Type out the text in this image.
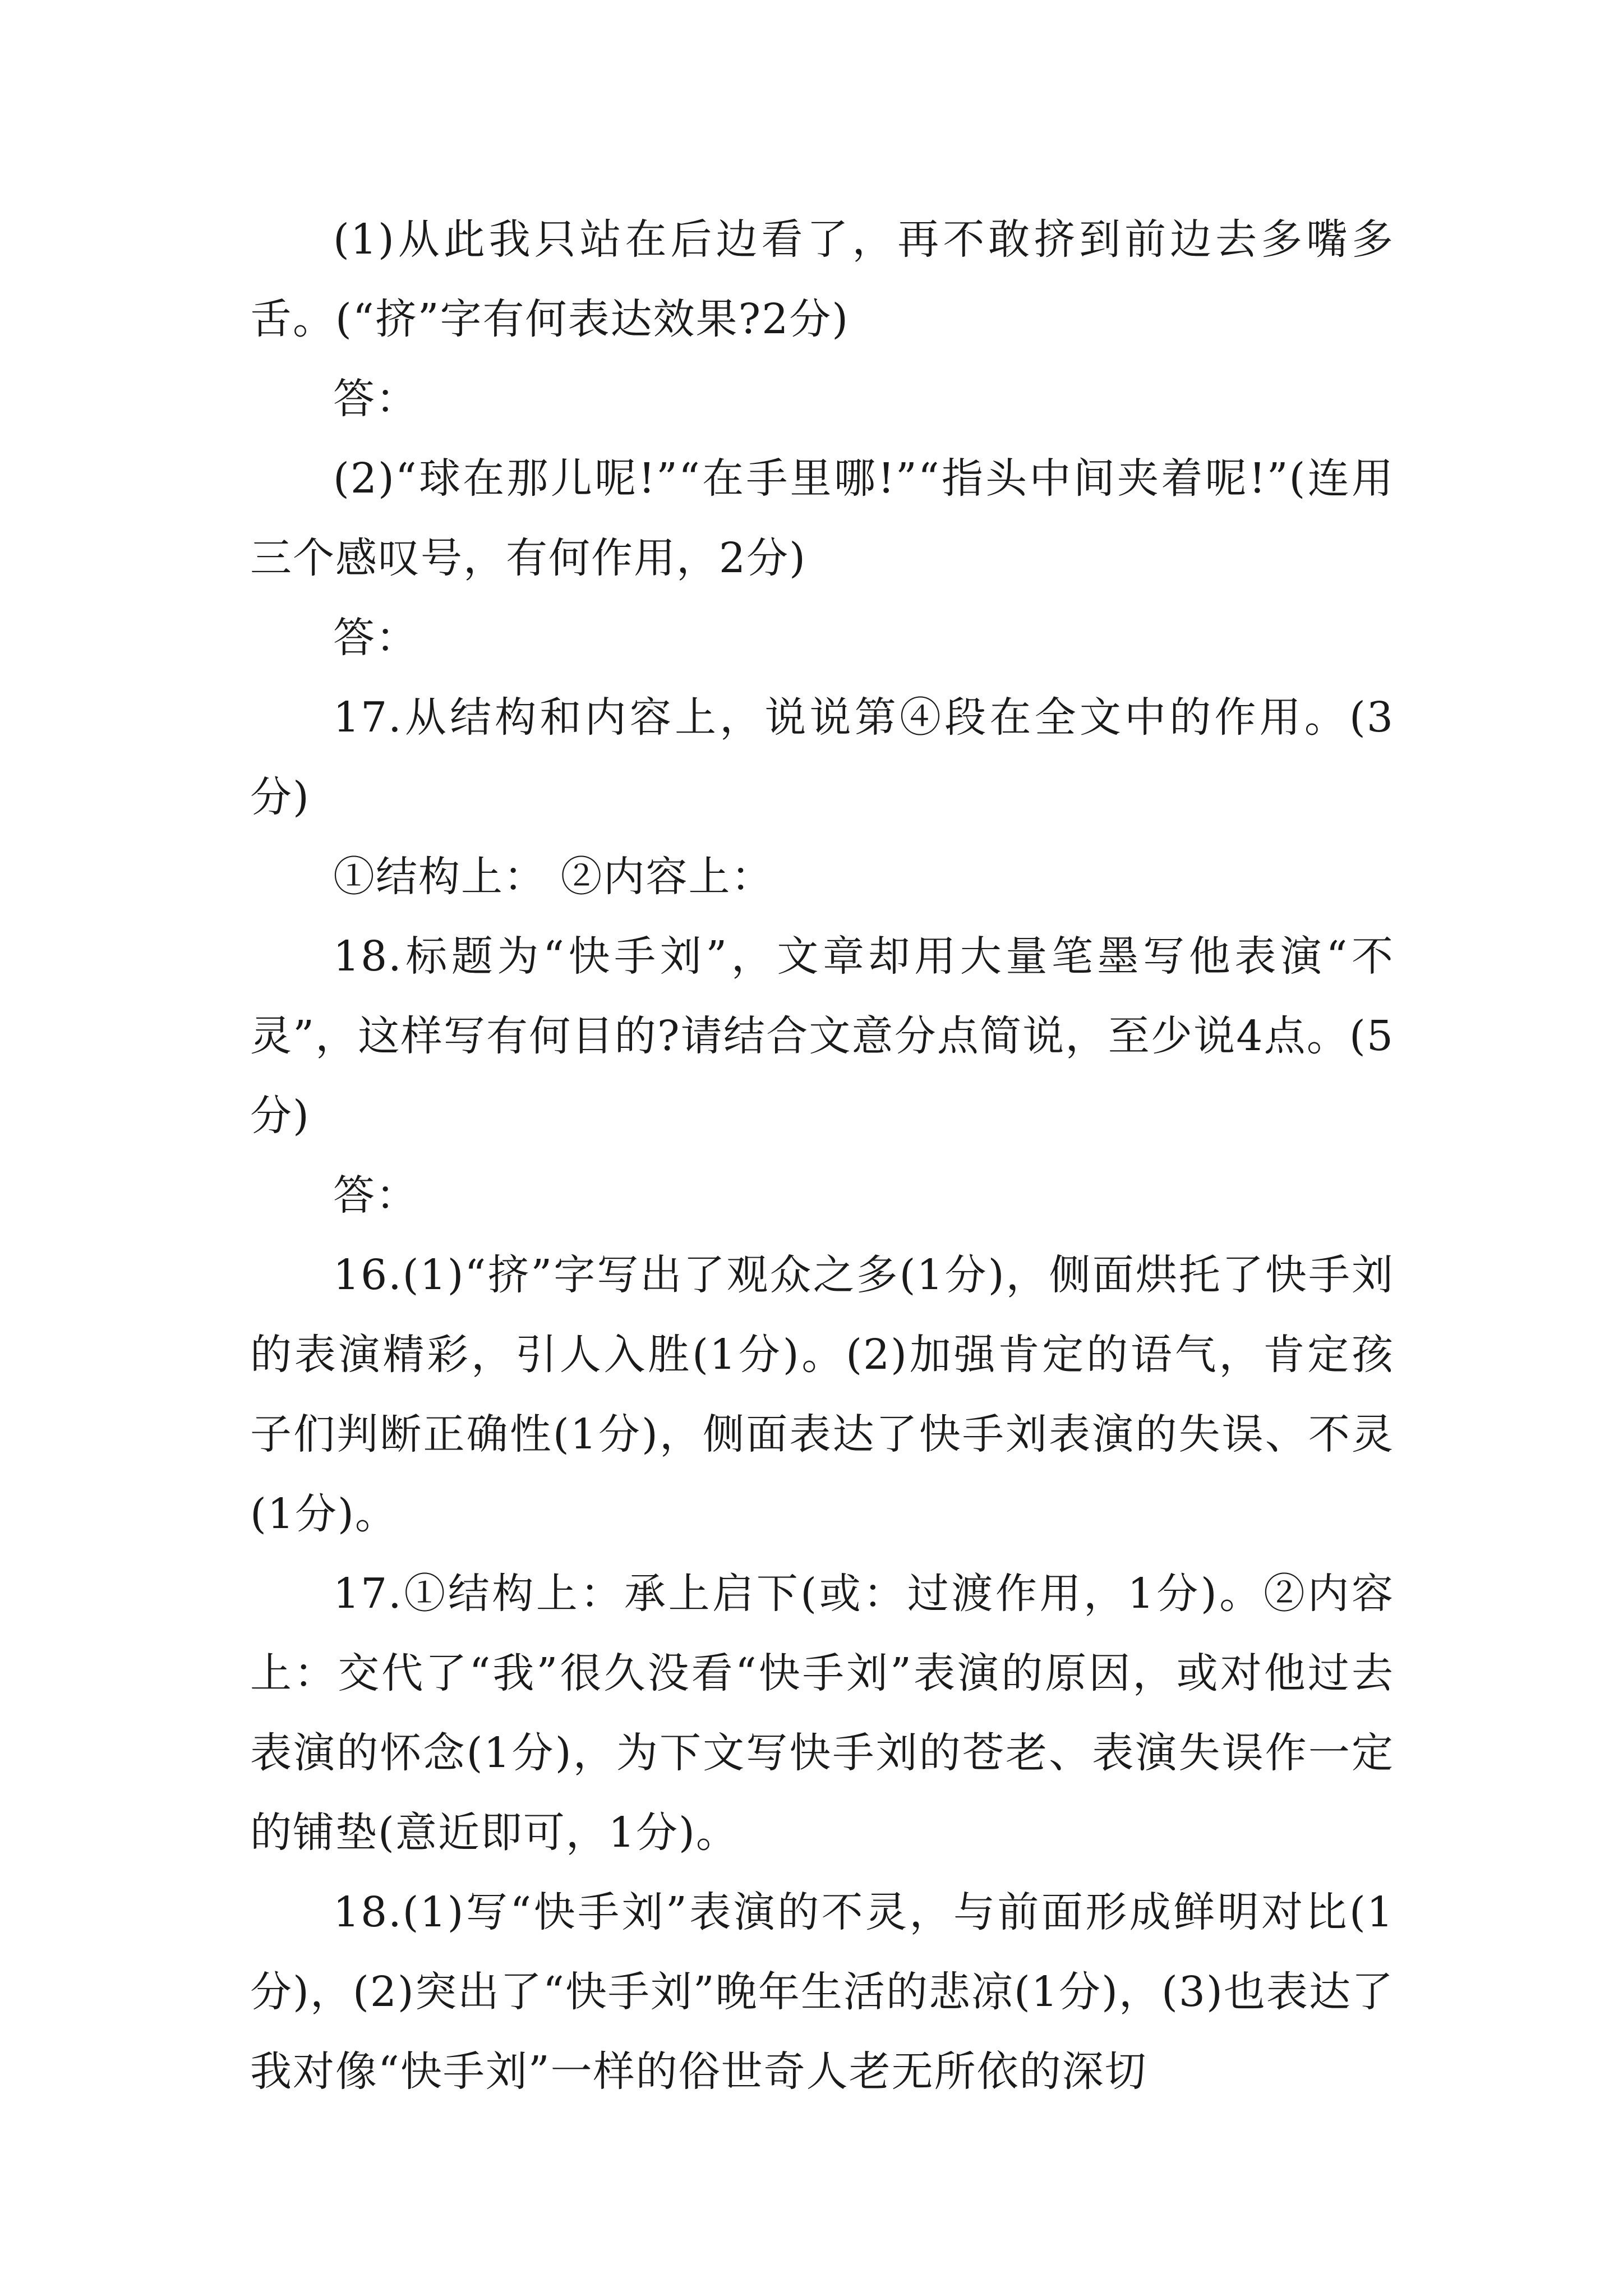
(1)从此我只站在后边看了，再不敢挤到前边去多嘴多舌。(“挤”字有何表达效果?2分)

答：

(2)“球在那儿呢!”“在手里哪!”“指头中间夹着呢!”(连用三个感叹号，有何作用，2分)

答：

17.从结构和内容上，说说第④段在全文中的作用。(3分)

①结构上： ②内容上：

18.标题为“快手刘”，文章却用大量笔墨写他表演“不灵”，这样写有何目的?请结合文意分点简说，至少说4点。(5分)

答：

16.(1)“挤”字写出了观众之多(1分)，侧面烘托了快手刘的表演精彩，引人入胜(1分)。(2)加强肯定的语气，肯定孩子们判断正确性(1分)，侧面表达了快手刘表演的失误、不灵(1分)。

17.①结构上：承上启下(或：过渡作用，1分)。②内容上：交代了“我”很久没看“快手刘”表演的原因，或对他过去表演的怀念(1分)，为下文写快手刘的苍老、表演失误作一定的铺垫(意近即可，1分)。

18.(1)写“快手刘”表演的不灵，与前面形成鲜明对比(1分)，(2)突出了“快手刘”晚年生活的悲凉(1分)，(3)也表达了我对像“快手刘”一样的俗世奇人老无所依的深切
